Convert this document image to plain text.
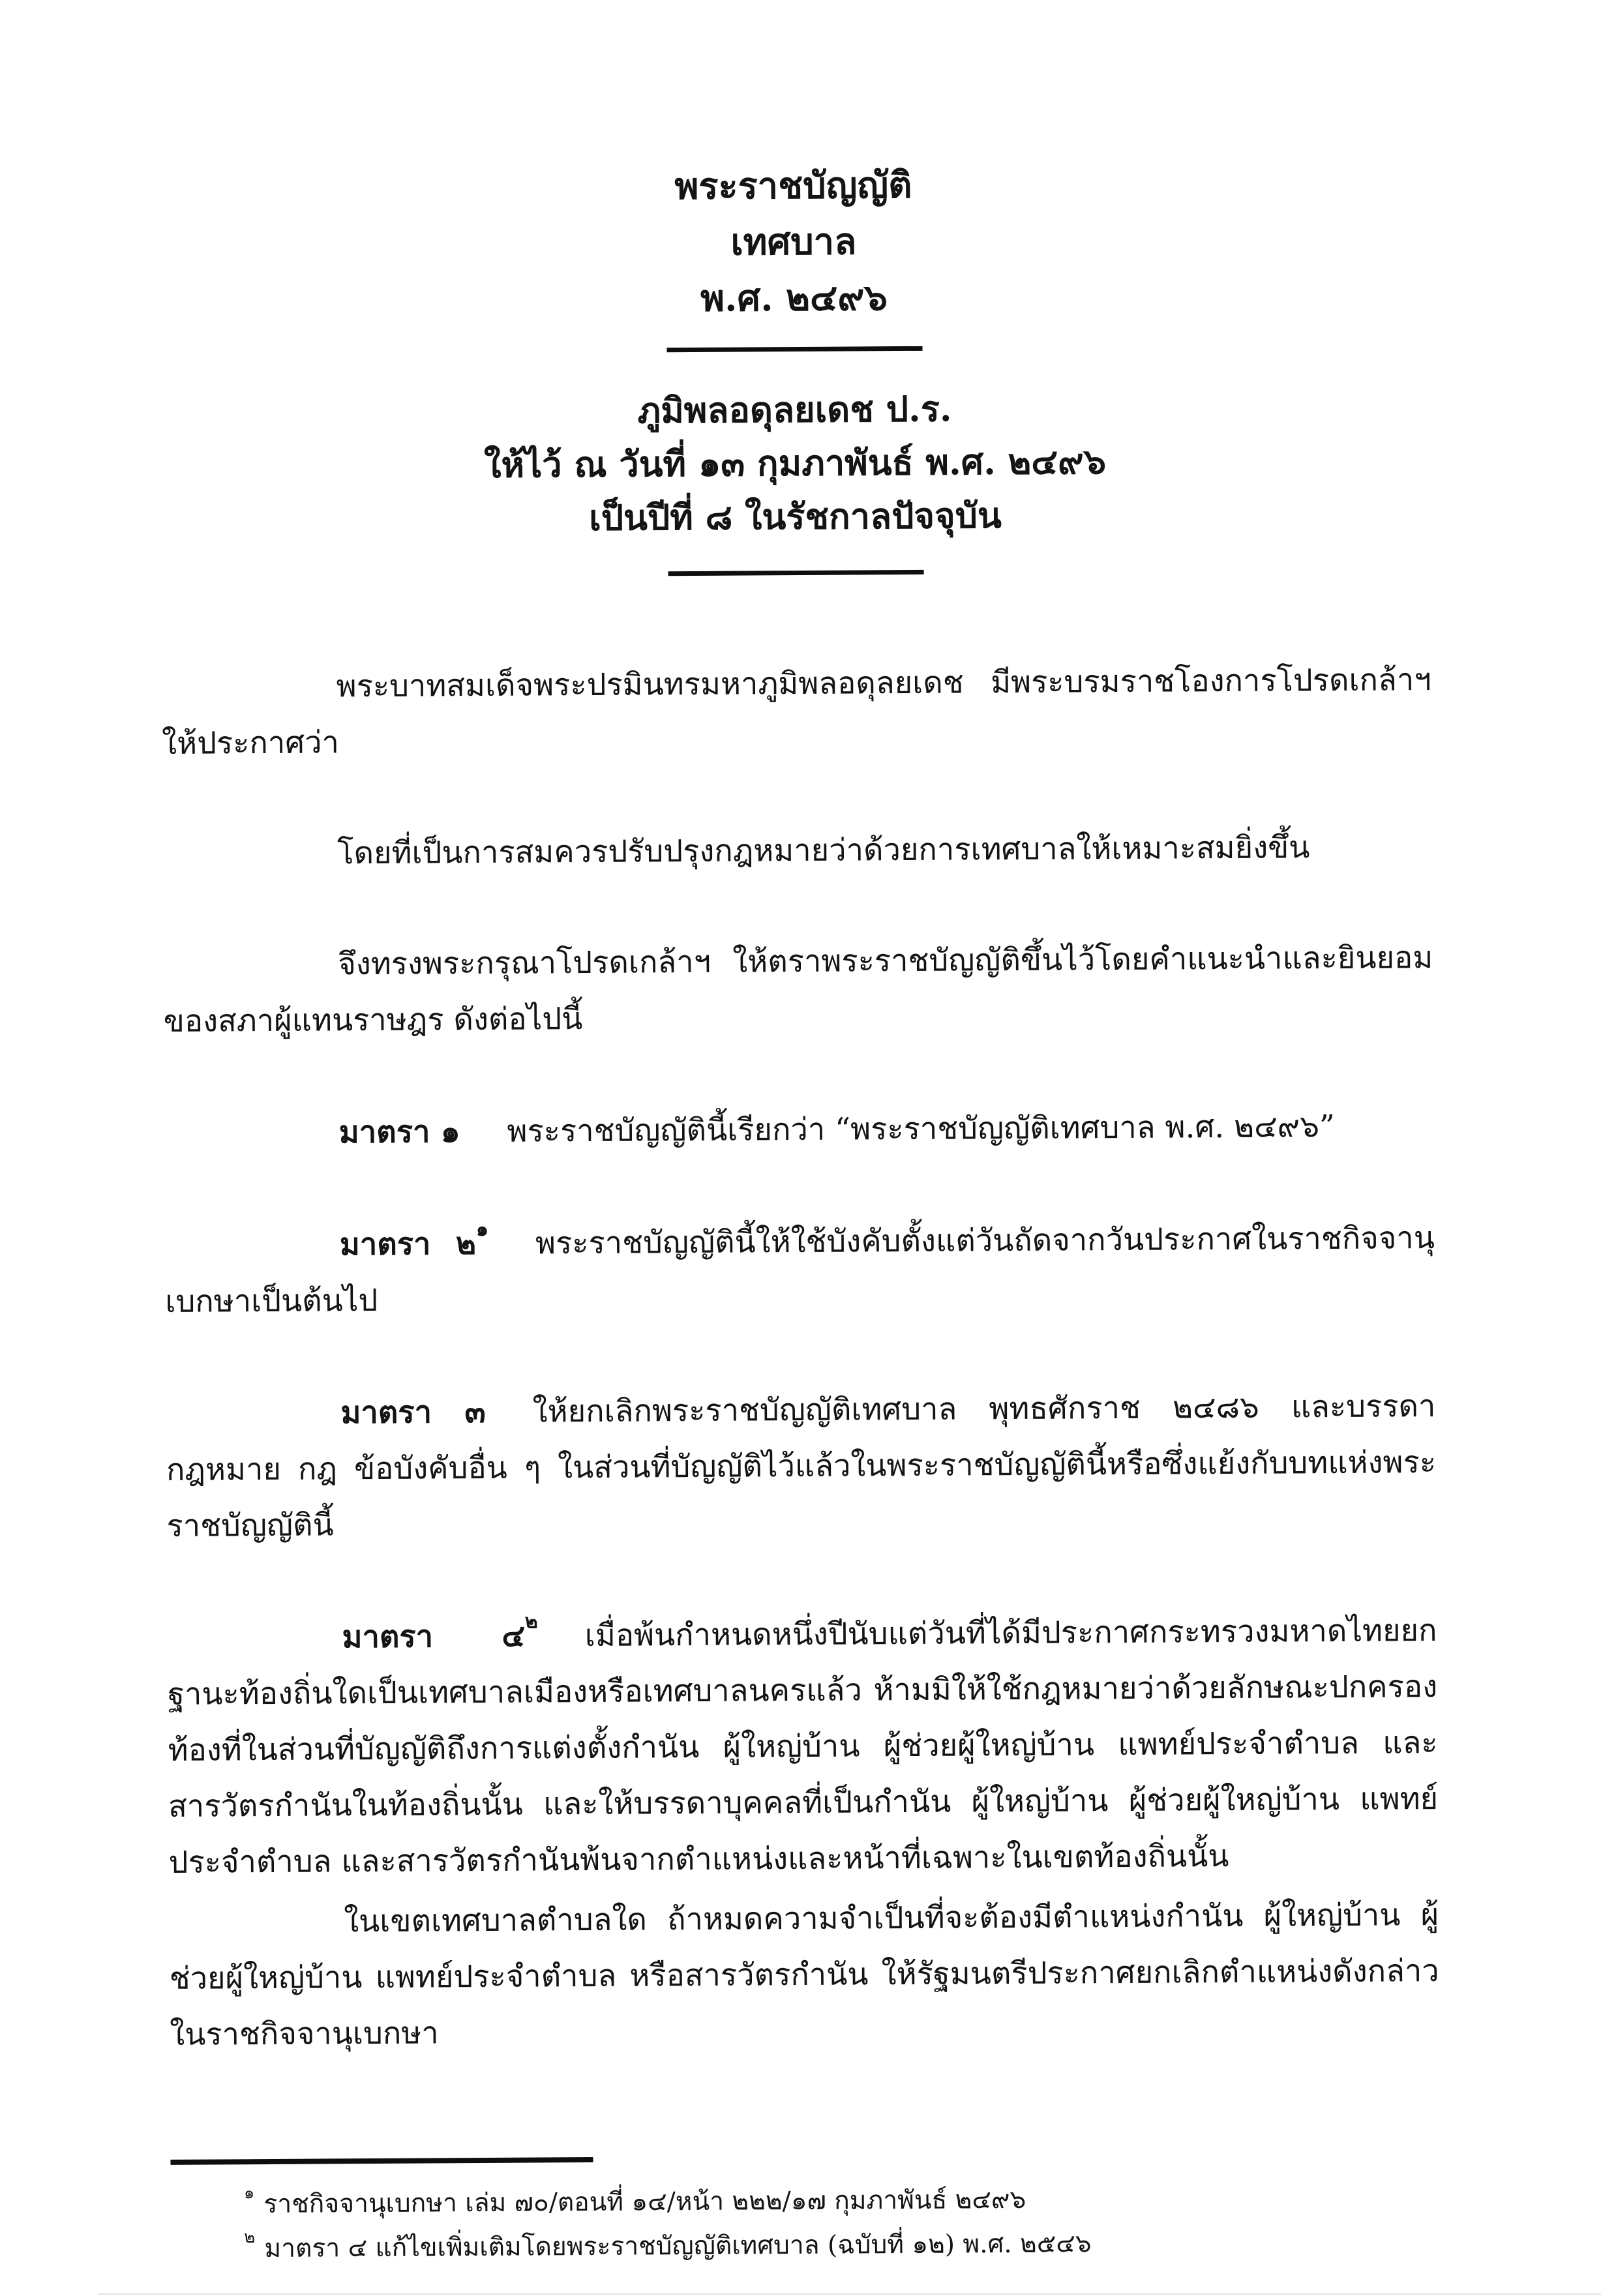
พระราชบัญญัติ
เทศบาล
พ.ศ. ๒๔๙๖
ภูมิพลอดุลยเดช ป.ร.
ให้ไว้ ณ วันที่ ๑๓ กุมภาพันธ์ พ.ศ. ๒๔๙๖
เป็นปีที่ ๘ ในรัชกาลปัจจุบัน

พระบาทสมเด็จพระปรมินทรมหาภูมิพลอดุลยเดช มีพระบรมราชโองการโปรดเกล้าฯ ให้ประกาศว่า

โดยที่เป็นการสมควรปรับปรุงกฎหมายว่าด้วยการเทศบาลให้เหมาะสมยิ่งขึ้น

จึงทรงพระกรุณาโปรดเกล้าฯ ให้ตราพระราชบัญญัติขึ้นไว้โดยคำแนะนำและยินยอมของสภาผู้แทนราษฎร ดังต่อไปนี้

มาตรา ๑ พระราชบัญญัตินี้เรียกว่า “พระราชบัญญัติเทศบาล พ.ศ. ๒๔๙๖”

มาตรา ๒$^๑$ พระราชบัญญัตินี้ให้ใช้บังคับตั้งแต่วันถัดจากวันประกาศในราชกิจจานุเบกษาเป็นต้นไป

มาตรา ๓ ให้ยกเลิกพระราชบัญญัติเทศบาล พุทธศักราช ๒๔๘๖ และบรรดากฎหมาย กฎ ข้อบังคับอื่น ๆ ในส่วนที่บัญญัติไว้แล้วในพระราชบัญญัตินี้หรือซึ่งแย้งกับบทแห่งพระราชบัญญัตินี้

มาตรา ๔$^๒$ เมื่อพ้นกำหนดหนึ่งปีนับแต่วันที่ได้มีประกาศกระทรวงมหาดไทยยกฐานะท้องถิ่นใดเป็นเทศบาลเมืองหรือเทศบาลนครแล้ว ห้ามมิให้ใช้กฎหมายว่าด้วยลักษณะปกครองท้องที่ในส่วนที่บัญญัติถึงการแต่งตั้งกำนัน ผู้ใหญ่บ้าน ผู้ช่วยผู้ใหญ่บ้าน แพทย์ประจำตำบล และสารวัตรกำนันในท้องถิ่นนั้น และให้บรรดาบุคคลที่เป็นกำนัน ผู้ใหญ่บ้าน ผู้ช่วยผู้ใหญ่บ้าน แพทย์ประจำตำบล และสารวัตรกำนันพ้นจากตำแหน่งและหน้าที่เฉพาะในเขตท้องถิ่นนั้น

ในเขตเทศบาลตำบลใด ถ้าหมดความจำเป็นที่จะต้องมีตำแหน่งกำนัน ผู้ใหญ่บ้าน ผู้ช่วยผู้ใหญ่บ้าน แพทย์ประจำตำบล หรือสารวัตรกำนัน ให้รัฐมนตรีประกาศยกเลิกตำแหน่งดังกล่าวในราชกิจจานุเบกษา

$^๑$ ราชกิจจานุเบกษา เล่ม ๗๐/ตอนที่ ๑๔/หน้า ๒๒๒/๑๗ กุมภาพันธ์ ๒๔๙๖

$^๒$ มาตรา ๔ แก้ไขเพิ่มเติมโดยพระราชบัญญัติเทศบาล (ฉบับที่ ๑๒) พ.ศ. ๒๕๔๖
